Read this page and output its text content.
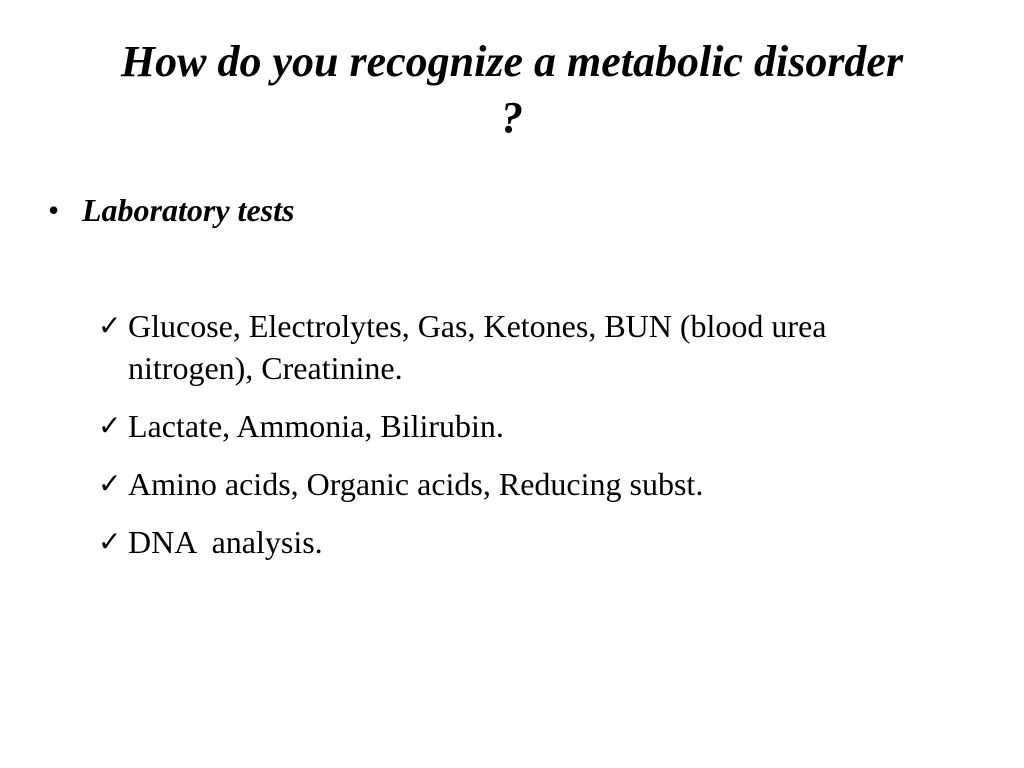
How do you recognize a metabolic disorder ?
• Laboratory tests
✓ Glucose, Electrolytes, Gas, Ketones, BUN (blood urea nitrogen), Creatinine.
✓ Lactate, Ammonia, Bilirubin.
✓ Amino acids, Organic acids, Reducing subst.
✓ DNA  analysis.
